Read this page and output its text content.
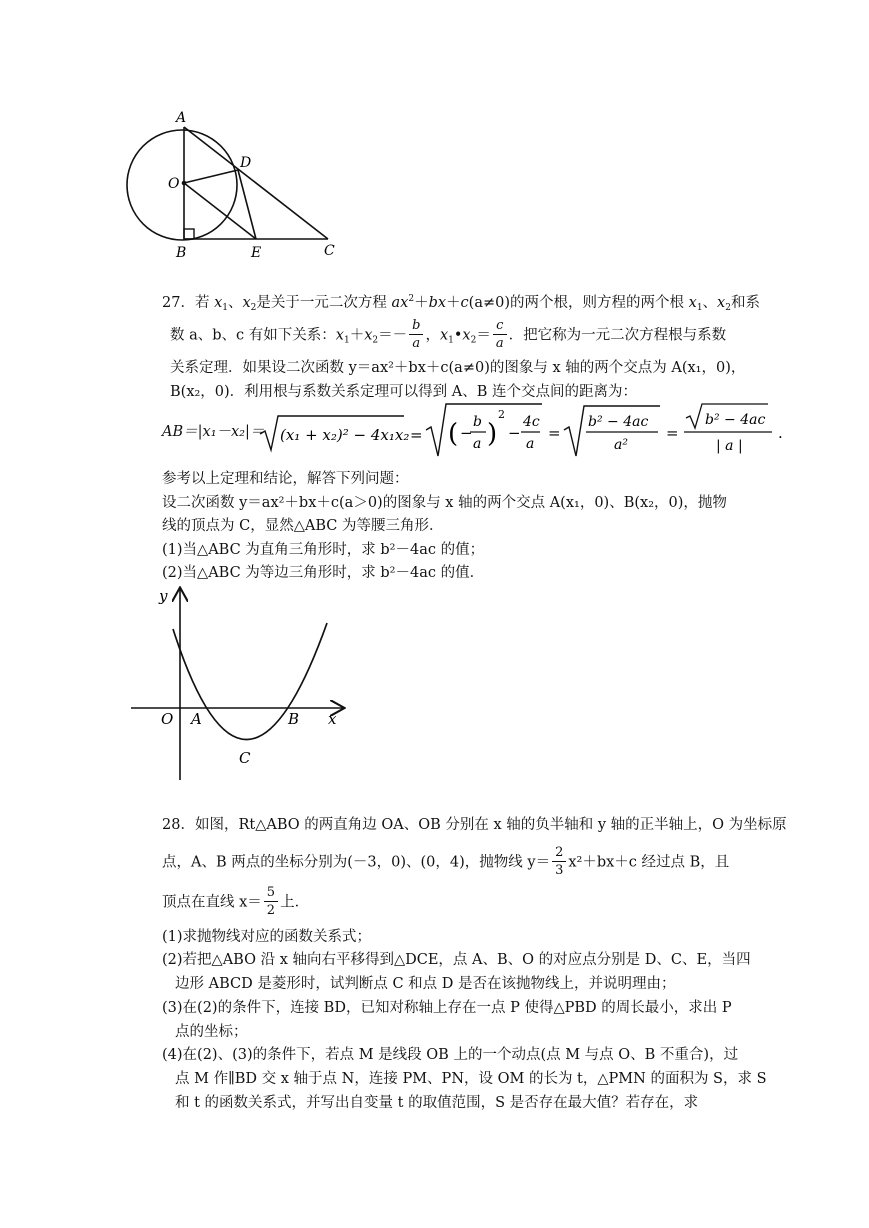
A
D
O
B	E	C
27．若 $x_1$、$x_2$是关于一元二次方程 $ax^2+bx+c(a\ne 0)$的两个根，则方程的两个根 $x_1$、$x_2$和系
数 a、b、c 有如下关系：$x_1+x_2=- \frac{b}{a}$ ，$x_1•x_2= \frac{c}{a}$ ．把它称为一元二次方程根与系数
关系定理．如果设二次函数 y＝ax²＋bx＋c(a≠0)的图象与 x 轴的两个交点为 A(x₁，0)，
B(x₂，0)．利用根与系数关系定理可以得到 A、B 连个交点间的距离为：
AB＝|x₁－x₂|＝ (x₁ + x₂)² − 4x₁x₂ = ( −
b
a )
2
−
4c
a
=
b² − 4ac
a²
=
b² − 4ac
| a |
.
参考以上定理和结论，解答下列问题：
设二次函数 y＝ax²＋bx＋c(a＞0)的图象与 x 轴的两个交点 A(x₁，0)、B(x₂，0)，抛物
线的顶点为 C，显然△ABC 为等腰三角形．
(1)当△ABC 为直角三角形时，求 b²－4ac 的值；
(2)当△ABC 为等边三角形时，求 b²－4ac 的值．
y
x
O A	B
C
28．如图，Rt△ABO 的两直角边 OA、OB 分别在 x 轴的负半轴和 y 轴的正半轴上，O 为坐标原
点，A、B 两点的坐标分别为(－3，0)、(0，4)，抛物线 $y= \frac{2}{3} x^2+bx+c$ 经过点 B，且
顶点在直线 $x= \frac{5}{2}$ 上．
(1)求抛物线对应的函数关系式；
(2)若把△ABO 沿 x 轴向右平移得到△DCE，点 A、B、O 的对应点分别是 D、C、E，当四
边形 ABCD 是菱形时，试判断点 C 和点 D 是否在该抛物线上，并说明理由；
(3)在(2)的条件下，连接 BD，已知对称轴上存在一点 P 使得△PBD 的周长最小，求出 P
点的坐标；
(4)在(2)、(3)的条件下，若点 M 是线段 OB 上的一个动点(点 M 与点 O、B 不重合)，过
点 M 作∥BD 交 x 轴于点 N，连接 PM、PN，设 OM 的长为 t，△PMN 的面积为 S，求 S
和 t 的函数关系式，并写出自变量 t 的取值范围，S 是否存在最大值？若存在，求
